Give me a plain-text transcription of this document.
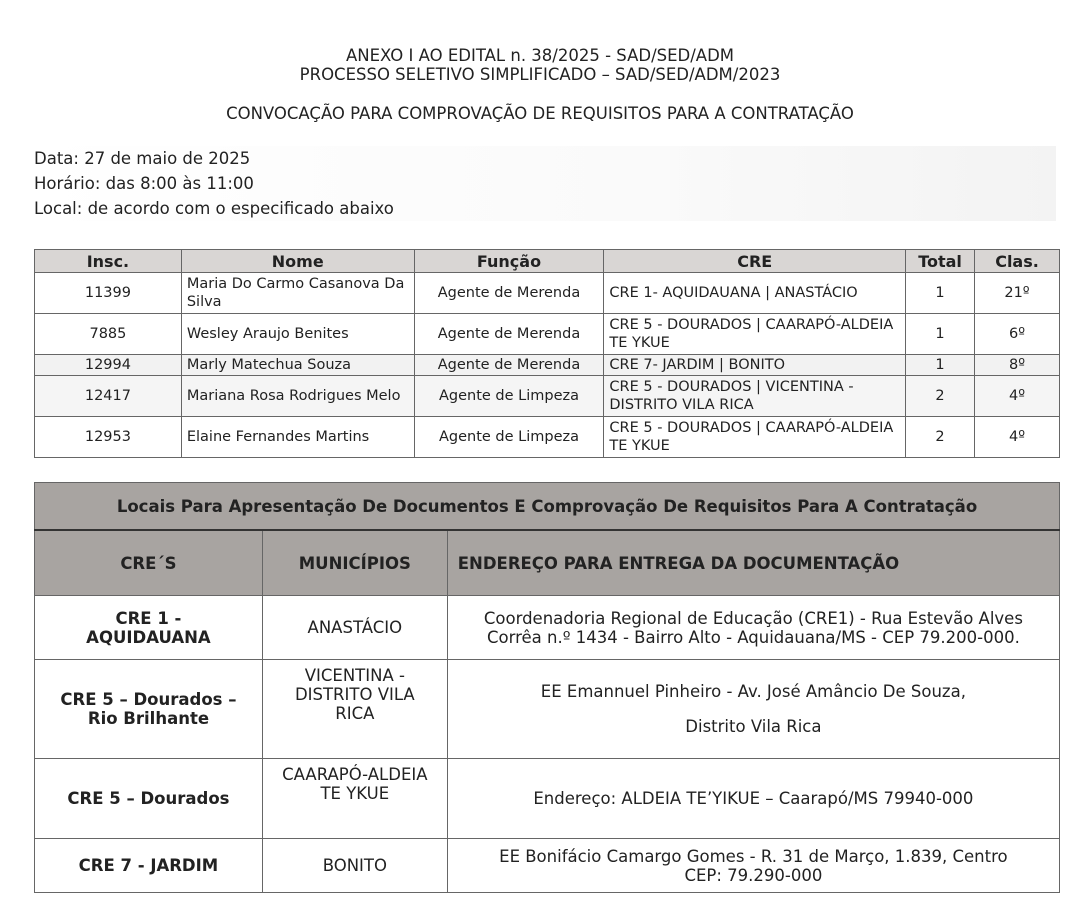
ANEXO I AO EDITAL n. 38/2025 - SAD/SED/ADM
PROCESSO SELETIVO SIMPLIFICADO – SAD/SED/ADM/2023
CONVOCAÇÃO PARA COMPROVAÇÃO DE REQUISITOS PARA A CONTRATAÇÃO
Data: 27 de maio de 2025
Horário: das 8:00 às 11:00
Local: de acordo com o especificado abaixo
Insc.	Nome	Função	CRE	Total	Clas.
11399	Maria Do Carmo Casanova Da Silva	Agente de Merenda	CRE 1- AQUIDAUANA | ANASTÁCIO	1	21º
7885	Wesley Araujo Benites	Agente de Merenda	CRE 5 - DOURADOS | CAARAPÓ-ALDEIA TE YKUE	1	6º
12994	Marly Matechua Souza	Agente de Merenda	CRE 7- JARDIM | BONITO	1	8º
12417	Mariana Rosa Rodrigues Melo	Agente de Limpeza	CRE 5 - DOURADOS | VICENTINA - DISTRITO VILA RICA	2	4º
12953	Elaine Fernandes Martins	Agente de Limpeza	CRE 5 - DOURADOS | CAARAPÓ-ALDEIA TE YKUE	2	4º
Locais Para Apresentação De Documentos E Comprovação De Requisitos Para A Contratação		
CRE´S	MUNICÍPIOS	ENDEREÇO PARA ENTREGA DA DOCUMENTAÇÃO
CRE 1 - AQUIDAUANA	ANASTÁCIO	Coordenadoria Regional de Educação (CRE1) - Rua Estevão Alves Corrêa n.º 1434 - Bairro Alto - Aquidauana/MS - CEP 79.200-000.
CRE 5 – Dourados – Rio Brilhante	VICENTINA - DISTRITO VILA RICA	EE Emannuel Pinheiro - Av. José Amâncio De Souza,
Distrito Vila Rica

CRE 5 – Dourados	CAARAPÓ-ALDEIA TE YKUE	Endereço: ALDEIA TE’YIKUE – Caarapó/MS 79940-000
CRE 7 - JARDIM	BONITO	EE Bonifácio Camargo Gomes - R. 31 de Março, 1.839, Centro
CEP: 79.290-000
